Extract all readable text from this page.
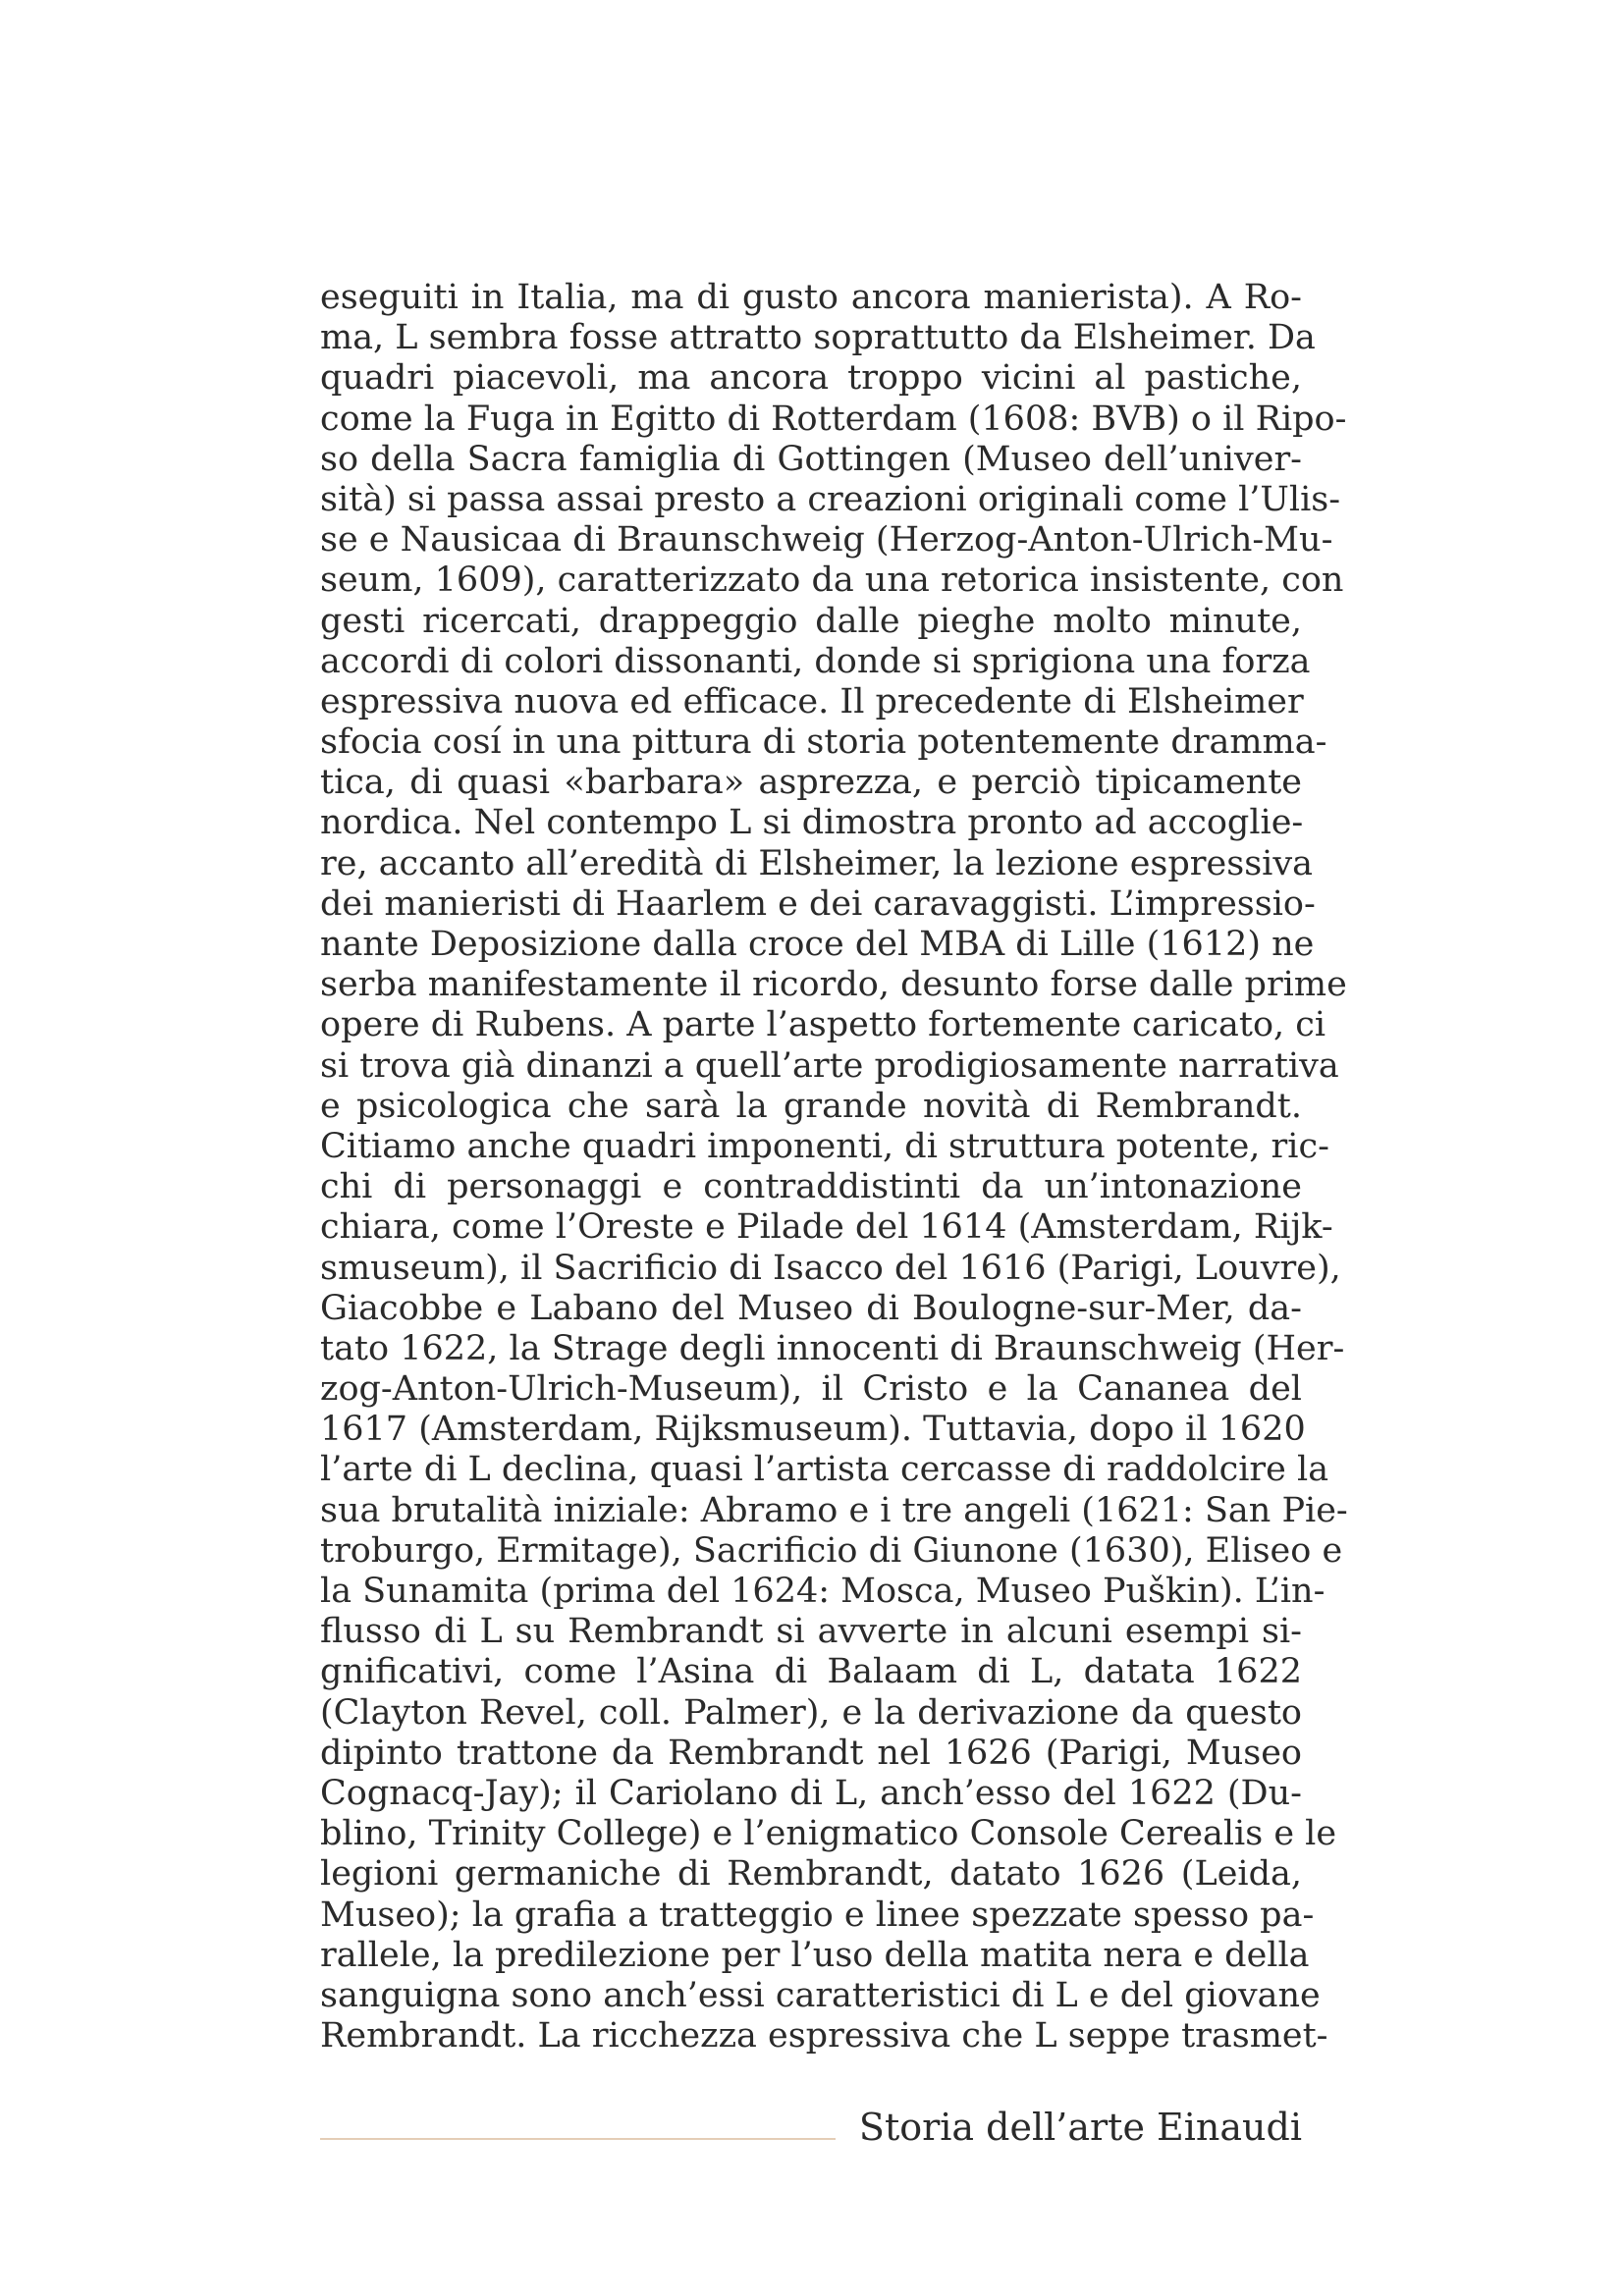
eseguiti in Italia, ma di gusto ancora manierista). A Ro-
ma, L sembra fosse attratto soprattutto da Elsheimer. Da
quadri piacevoli, ma ancora troppo vicini al pastiche,
come la Fuga in Egitto di Rotterdam (1608: BVB) o il Ripo-
so della Sacra famiglia di Gottingen (Museo dell’univer-
sità) si passa assai presto a creazioni originali come l’Ulis-
se e Nausicaa di Braunschweig (Herzog-Anton-Ulrich-Mu-
seum, 1609), caratterizzato da una retorica insistente, con
gesti ricercati, drappeggio dalle pieghe molto minute,
accordi di colori dissonanti, donde si sprigiona una forza
espressiva nuova ed efficace. Il precedente di Elsheimer
sfocia cosí in una pittura di storia potentemente dramma-
tica, di quasi «barbara» asprezza, e perciò tipicamente
nordica. Nel contempo L si dimostra pronto ad accoglie-
re, accanto all’eredità di Elsheimer, la lezione espressiva
dei manieristi di Haarlem e dei caravaggisti. L’impressio-
nante Deposizione dalla croce del MBA di Lille (1612) ne
serba manifestamente il ricordo, desunto forse dalle prime
opere di Rubens. A parte l’aspetto fortemente caricato, ci
si trova già dinanzi a quell’arte prodigiosamente narrativa
e psicologica che sarà la grande novità di Rembrandt.
Citiamo anche quadri imponenti, di struttura potente, ric-
chi di personaggi e contraddistinti da un’intonazione
chiara, come l’Oreste e Pilade del 1614 (Amsterdam, Rijk-
smuseum), il Sacrificio di Isacco del 1616 (Parigi, Louvre),
Giacobbe e Labano del Museo di Boulogne-sur-Mer, da-
tato 1622, la Strage degli innocenti di Braunschweig (Her-
zog-Anton-Ulrich-Museum), il Cristo e la Cananea del
1617 (Amsterdam, Rijksmuseum). Tuttavia, dopo il 1620
l’arte di L declina, quasi l’artista cercasse di raddolcire la
sua brutalità iniziale: Abramo e i tre angeli (1621: San Pie-
troburgo, Ermitage), Sacrificio di Giunone (1630), Eliseo e
la Sunamita (prima del 1624: Mosca, Museo Puškin). L’in-
flusso di L su Rembrandt si avverte in alcuni esempi si-
gnificativi, come l’Asina di Balaam di L, datata 1622
(Clayton Revel, coll. Palmer), e la derivazione da questo
dipinto trattone da Rembrandt nel 1626 (Parigi, Museo
Cognacq-Jay); il Cariolano di L, anch’esso del 1622 (Du-
blino, Trinity College) e l’enigmatico Console Cerealis e le
legioni germaniche di Rembrandt, datato 1626 (Leida,
Museo); la grafia a tratteggio e linee spezzate spesso pa-
rallele, la predilezione per l’uso della matita nera e della
sanguigna sono anch’essi caratteristici di L e del giovane
Rembrandt. La ricchezza espressiva che L seppe trasmet-
Storia dell’arte Einaudi
